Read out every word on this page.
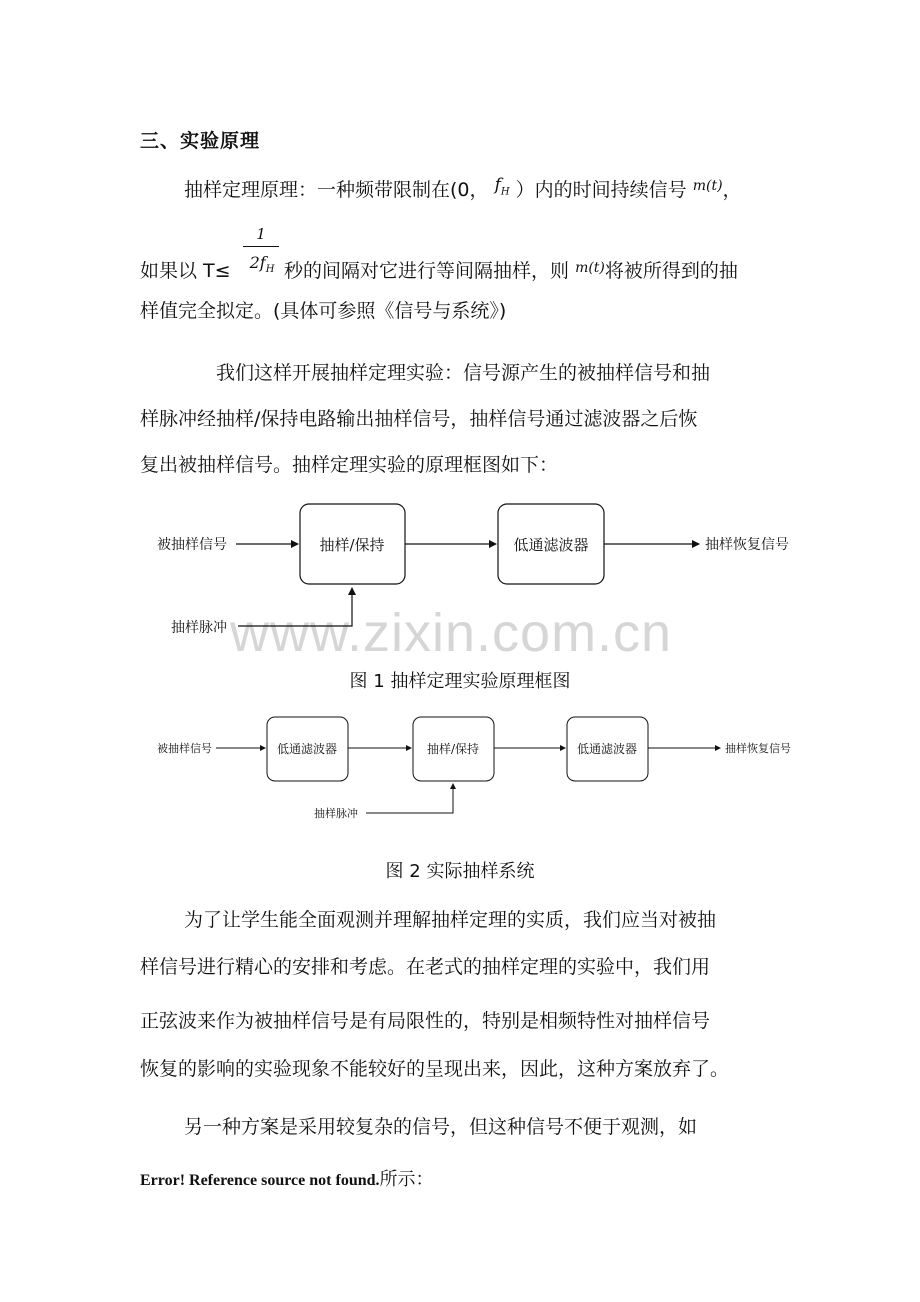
三、实验原理
抽样定理原理：一种频带限制在(0， $f_H$ ）内的时间持续信号 $^{m(t)}$，
如果以 T≤
1
$2f_H$ 秒的间隔对它进行等间隔抽样，则 $^{m(t)}$将被所得到的抽
样值完全拟定。(具体可参照《信号与系统》)
我们这样开展抽样定理实验：信号源产生的被抽样信号和抽
样脉冲经抽样/保持电路输出抽样信号，抽样信号通过滤波器之后恢
复出被抽样信号。抽样定理实验的原理框图如下：
www.zixin.com.cn
被抽样信号	抽样/保持	低通滤波器	抽样恢复信号
抽样脉冲
图 1 抽样定理实验原理框图
被抽样信号	低通滤波器	抽样/保持	低通滤波器	抽样恢复信号
抽样脉冲
图 2 实际抽样系统
为了让学生能全面观测并理解抽样定理的实质，我们应当对被抽
样信号进行精心的安排和考虑。在老式的抽样定理的实验中，我们用
正弦波来作为被抽样信号是有局限性的，特别是相频特性对抽样信号
恢复的影响的实验现象不能较好的呈现出来，因此，这种方案放弃了。
另一种方案是采用较复杂的信号，但这种信号不便于观测，如
Error! Reference source not found.所示：
